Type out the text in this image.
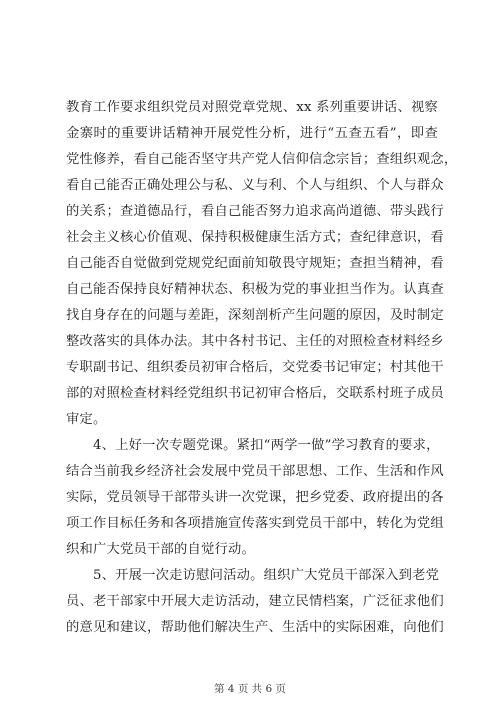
教育工作要求组织党员对照党章党规、xx 系列重要讲话、视察
金寨时的重要讲话精神开展党性分析，进行“五查五看”，即查
党性修养，看自己能否坚守共产党人信仰信念宗旨；查组织观念，
看自己能否正确处理公与私、义与利、个人与组织、个人与群众
的关系；查道德品行，看自己能否努力追求高尚道德、带头践行
社会主义核心价值观、保持积极健康生活方式；查纪律意识，看
自己能否自觉做到党规党纪面前知敬畏守规矩；查担当精神，看
自己能否保持良好精神状态、积极为党的事业担当作为。认真查
找自身存在的问题与差距，深刻剖析产生问题的原因，及时制定
整改落实的具体办法。其中各村书记、主任的对照检查材料经乡
专职副书记、组织委员初审合格后，交党委书记审定；村其他干
部的对照检查材料经党组织书记初审合格后，交联系村班子成员
审定。
　　4、上好一次专题党课。紧扣“两学一做”学习教育的要求，
结合当前我乡经济社会发展中党员干部思想、工作、生活和作风
实际，党员领导干部带头讲一次党课，把乡党委、政府提出的各
项工作目标任务和各项措施宣传落实到党员干部中，转化为党组
织和广大党员干部的自觉行动。
　　5、开展一次走访慰问活动。组织广大党员干部深入到老党
员、老干部家中开展大走访活动，建立民情档案，广泛征求他们
的意见和建议，帮助他们解决生产、生活中的实际困难，向他们
第 4 页 共 6 页
